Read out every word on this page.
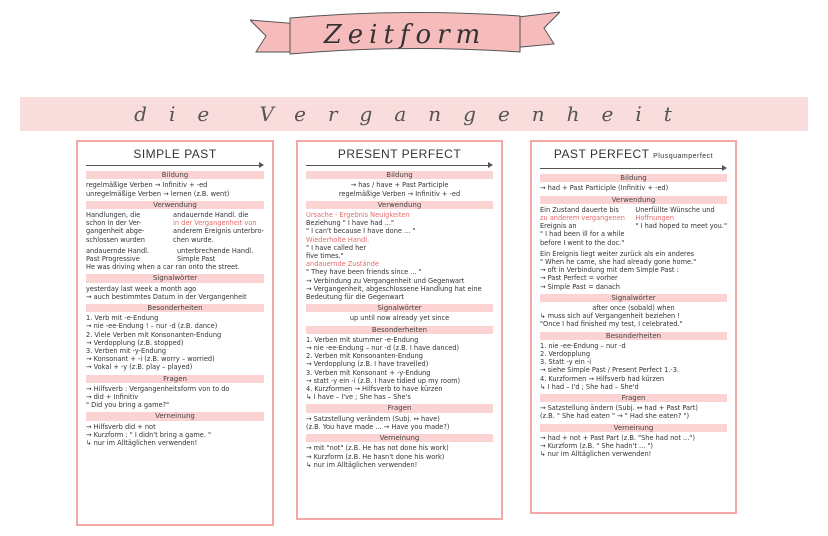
Zeitform
die Vergangenheit
SIMPLE PAST
Bildung
regelmäßige Verben → Infinitiv + -ed
unregelmäßige Verben → lernen (z.B. went)
Verwendung
Handlungen, die
schon in der Ver-
gangenheit abge-
schlossen wurden
andauernde Handl. die
in der Vergangenheit von
anderem Ereignis unterbro-
chen wurde.
andauernde Handl.	unterbrechende Handl.
Past Progressive	Simple Past
He was driving when a car ran onto the street.
Signalwörter
yesterday last week a month ago
→ auch bestimmtes Datum in der Vergangenheit
Besonderheiten
1. Verb mit -e-Endung
→ nie -ee-Endung ! – nur -d (z.B. dance)
2. Viele Verben mit Konsonanten-Endung
→ Verdopplung (z.B. stopped)
3. Verben mit -y-Endung
→ Konsonant + -i (z.B. worry – worried)
→ Vokal + -y (z.B. play – played)
Fragen
→ Hilfsverb : Vergangenheitsform von to do
→ did + Infinitiv
" Did you bring a game?"
Verneinung
→ Hilfsverb did + not
→ Kurzform : " I didn't bring a game. "
↳ nur im Alltäglichen verwenden!
PRESENT PERFECT
Bildung
→ has / have + Past Participle
regelmäßige Verben → Infinitiv + -ed
Verwendung
Ursache - Ergebnis Neuigkeiten
Beziehung " I have had ..."
" I can't because I have done ... "
Wiederholte Handl.
" I have called her
five times."
andauernde Zustände
" They have been friends since ... "
→ Verbindung zu Vergangenheit und Gegenwart
→ Vergangenheit, abgeschlossene Handlung hat eine
Bedeutung für die Gegenwart
Signalwörter
up until now already yet since
Besonderheiten
1. Verben mit stummer -e-Endung
→ nie -ee-Endung – nur -d (z.B. I have danced)
2. Verben mit Konsonanten-Endung
→ Verdopplung (z.B. I have travelled)
3. Verben mit Konsonant + -y-Endung
→ statt -y ein -i (z.B. I have tidied up my room)
4. Kurzformen → Hilfsverb to have kürzen
↳ I have – I've ; She has – She's
Fragen
→ Satzstellung verändern (Subj. ↔ have)
(z.B. You have made ... → Have you made?)
Verneinung
→ mit "not" (z.B. He has not done his work)
→ Kurzform (z.B. He hasn't done his work)
↳ nur im Alltäglichen verwenden!
PAST PERFECT Plusquamperfect
Bildung
→ had + Past Participle (Infinitiv + -ed)
Verwendung
Ein Zustand dauerte bis
zu anderem vergangenen
Ereignis an
" I had been ill for a while
before I went to the doc."
Unerfüllte Wünsche und
Hoffnungen
" I had hoped to meet you."
Ein Ereignis liegt weiter zurück als ein anderes
" When he came, she had already gone home."
→ oft in Verbindung mit dem Simple Past :
→ Past Perfect = vorher
→ Simple Past = danach
Signalwörter
after once (sobald) when
↳ muss sich auf Vergangenheit beziehen !
"Once I had finished my test, I celebrated."
Besonderheiten
1. nie -ee-Endung – nur -d
2. Verdopplung
3. Statt -y ein -i
→ siehe Simple Past / Present Perfect 1.-3.
4. Kurzformen → Hilfsverb had kürzen
↳ I had – I'd ; She had – She'd
Fragen
→ Satzstellung ändern (Subj. ↔ had + Past Part)
(z.B. " She had eaten " → " Had she eaten? ")
Verneinung
→ had + not + Past Part (z.B. "She had not ...")
→ Kurzform (z.B. " She hadn't ... ")
↳ nur im Alltäglichen verwenden!
